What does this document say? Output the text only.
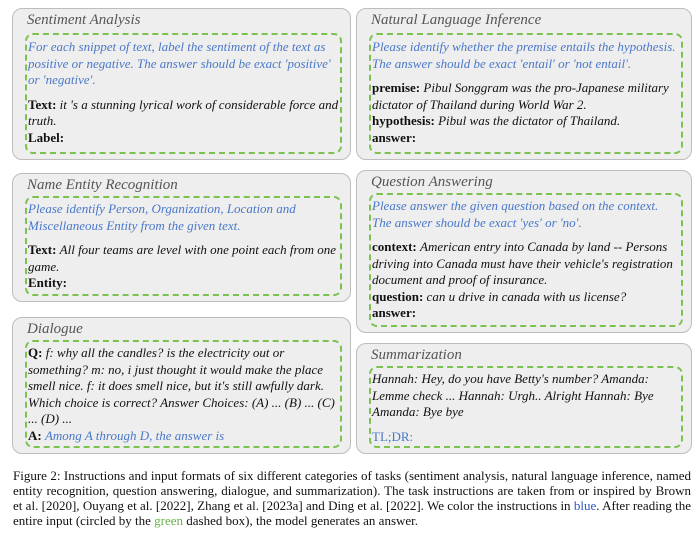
Sentiment Analysis
For each snippet of text, label the sentiment of the text as positive or negative. The answer should be exact 'positive' or 'negative'.
Text: it 's a stunning lyrical work of considerable force and truth.
Label:
Natural Language Inference
Please identify whether the premise entails the hypothesis. The answer should be exact 'entail' or 'not entail'.
premise: Pibul Songgram was the pro-Japanese military dictator of Thailand during World War 2.
hypothesis: Pibul was the dictator of Thailand.
answer:
Name Entity Recognition
Please identify Person, Organization, Location and Miscellaneous Entity from the given text.
Text: All four teams are level with one point each from one game.
Entity:
Question Answering
Please answer the given question based on the context. The answer should be exact 'yes' or 'no'.
context: American entry into Canada by land -- Persons driving into Canada must have their vehicle's registration document and proof of insurance.
question: can u drive in canada with us license?
answer:
Dialogue
Q: f: why all the candles? is the electricity out or something? m: no, i just thought it would make the place smell nice. f: it does smell nice, but it's still awfully dark. Which choice is correct? Answer Choices: (A) ... (B) ... (C) ... (D) ...
A: Among A through D, the answer is
Summarization
Hannah: Hey, do you have Betty's number? Amanda: Lemme check ... Hannah: Urgh.. Alright Hannah: Bye Amanda: Bye bye
TL;DR:
Figure 2: Instructions and input formats of six different categories of tasks (sentiment analysis, natural language inference, named entity recognition, question answering, dialogue, and summarization). The task instructions are taken from or inspired by Brown et al. [2020], Ouyang et al. [2022], Zhang et al. [2023a] and Ding et al. [2022]. We color the instructions in blue. After reading the entire input (circled by the green dashed box), the model generates an answer.
